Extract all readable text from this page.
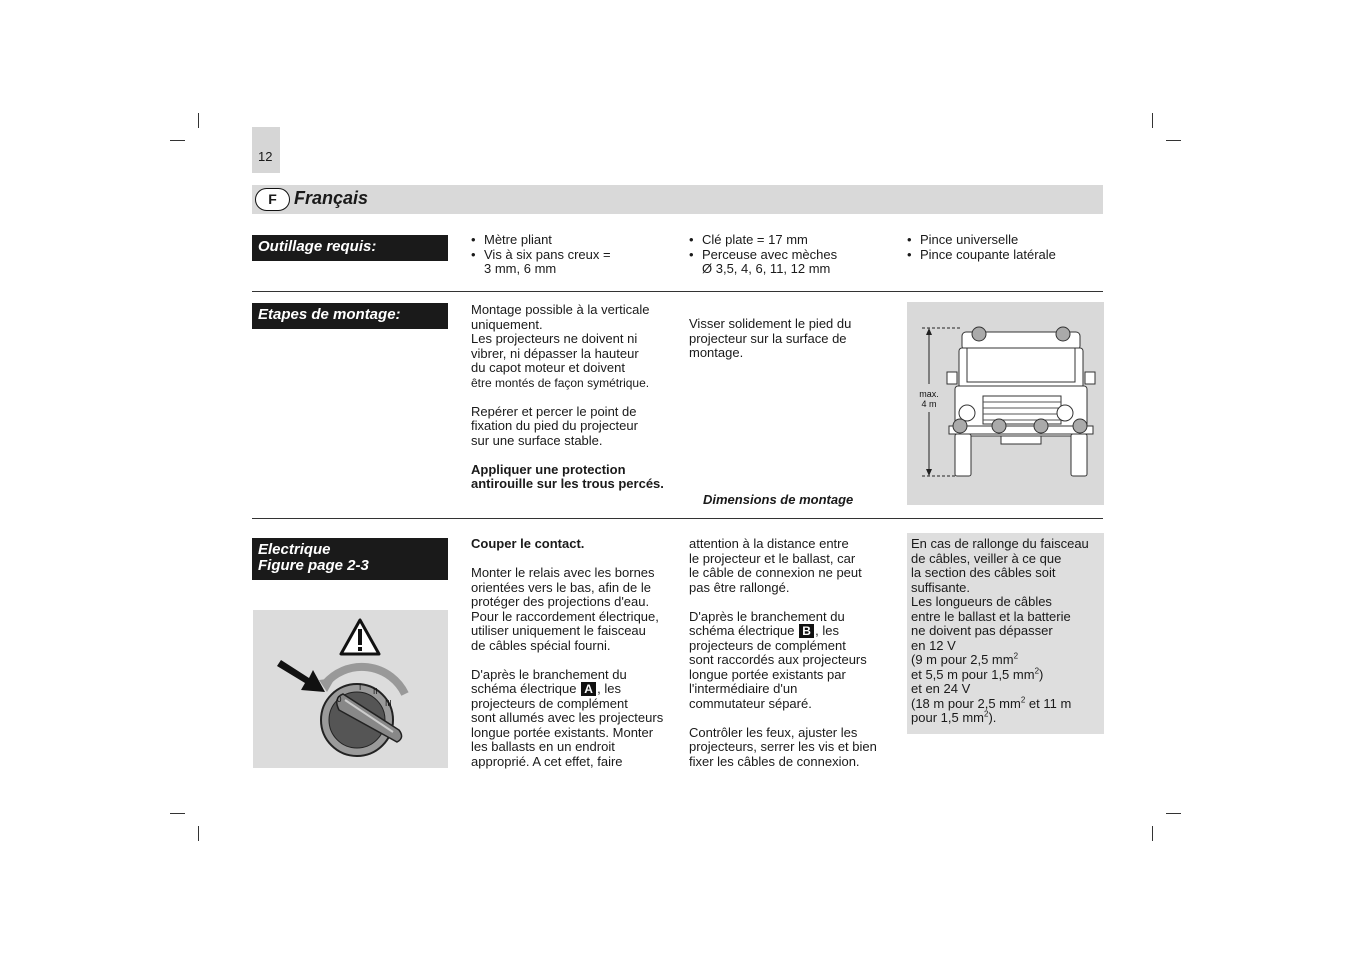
12
F Français
Outillage requis:
•	Mètre pliant
• Vis à six pans creux =
3 mm, 6 mm
• Clé plate = 17 mm
• Perceuse avec mèches
Ø 3,5, 4, 6, 11, 12 mm
• Pince universelle
• Pince coupante latérale
Etapes de montage:	Montage possible à la verticale
uniquement.
Les projecteurs ne doivent ni
vibrer, ni dépasser la hauteur
du capot moteur et doivent
être montés de façon symétrique.
Repérer et percer le point de
fixation du pied du projecteur
sur une surface stable.
Appliquer une protection
antirouille sur les trous percés.
Visser solidement le pied du
projecteur sur la surface de
montage.
Dimensions de montage
max.
4 m
Electrique
Figure page 2-3
0
I II
III
Couper le contact.
Monter le relais avec les bornes
orientées vers le bas, afin de le
protéger des projections d'eau.
Pour le raccordement électrique,
utiliser uniquement le faisceau
de câbles spécial fourni.
D'après le branchement du
schéma électrique A , les
projecteurs de complément
sont allumés avec les projecteurs
longue portée existants. Monter
les ballasts en un endroit
approprié. A cet effet, faire
attention à la distance entre
le projecteur et le ballast, car
le câble de connexion ne peut
pas être rallongé.
D'après le branchement du
schéma électrique B , les
projecteurs de complément
sont raccordés aux projecteurs
longue portée existants par
l'intermédiaire d'un
commutateur séparé.
Contrôler les feux, ajuster les
projecteurs, serrer les vis et bien
fixer les câbles de connexion.
En cas de rallonge du faisceau
de câbles, veiller à ce que
la section des câbles soit
suffisante.
Les longueurs de câbles
entre le ballast et la batterie
ne doivent pas dépasser
en 12 V
(9 m pour 2,5 $mm^2$
et 5,5 m pour 1,5 $mm^2$)
et en 24 V
(18 m pour 2,5 $mm^2$ et 11 m
pour 1,5 $mm^2$).
